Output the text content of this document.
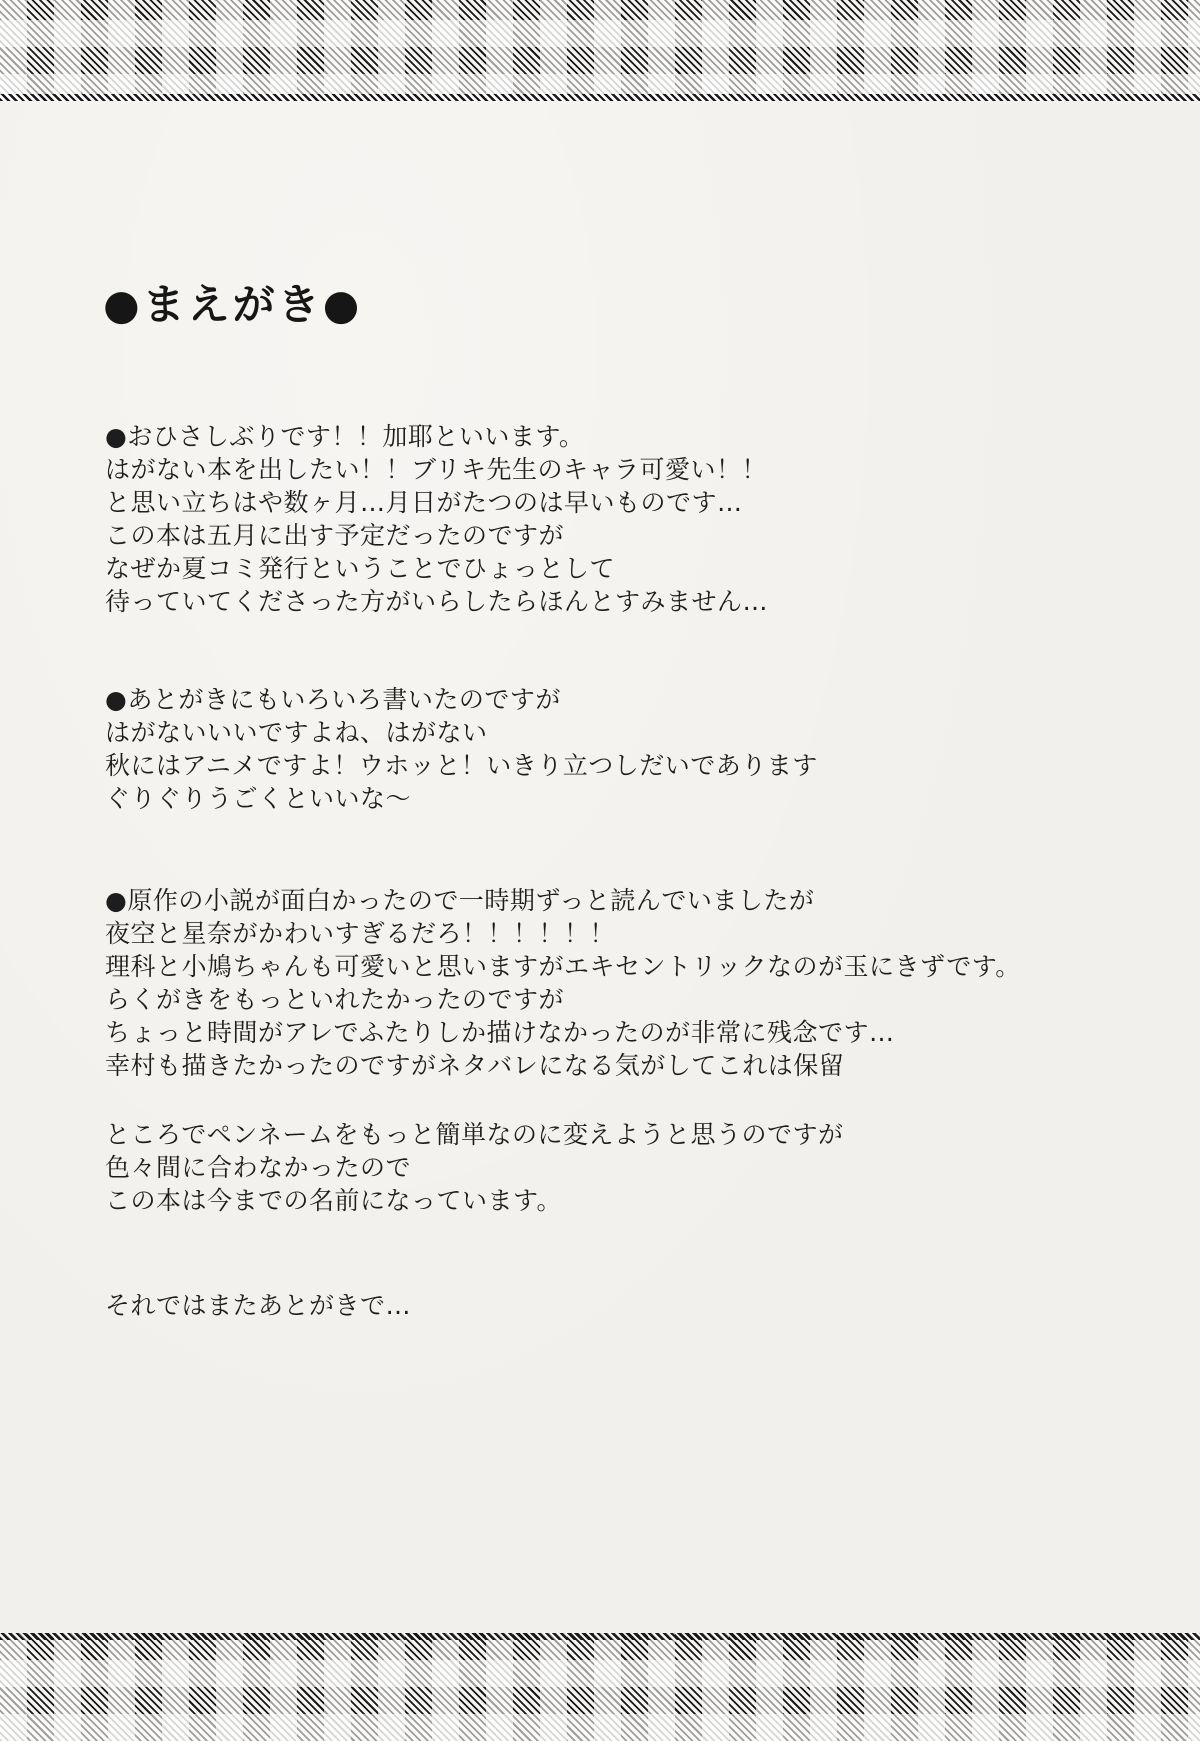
●まえがき●
●おひさしぶりです！！加耶といいます。
はがない本を出したい！！ブリキ先生のキャラ可愛い！！
と思い立ちはや数ヶ月…月日がたつのは早いものです…
この本は五月に出す予定だったのですが
なぜか夏コミ発行ということでひょっとして
待っていてくださった方がいらしたらほんとすみません…
●あとがきにもいろいろ書いたのですが
はがないいいですよね、はがない
秋にはアニメですよ！ウホッと！いきり立つしだいであります
ぐりぐりうごくといいな～
●原作の小説が面白かったので一時期ずっと読んでいましたが
夜空と星奈がかわいすぎるだろ！！！！！！
理科と小鳩ちゃんも可愛いと思いますがエキセントリックなのが玉にきずです。
らくがきをもっといれたかったのですが
ちょっと時間がアレでふたりしか描けなかったのが非常に残念です…
幸村も描きたかったのですがネタバレになる気がしてこれは保留
ところでペンネームをもっと簡単なのに変えようと思うのですが
色々間に合わなかったので
この本は今までの名前になっています。
それではまたあとがきで…
